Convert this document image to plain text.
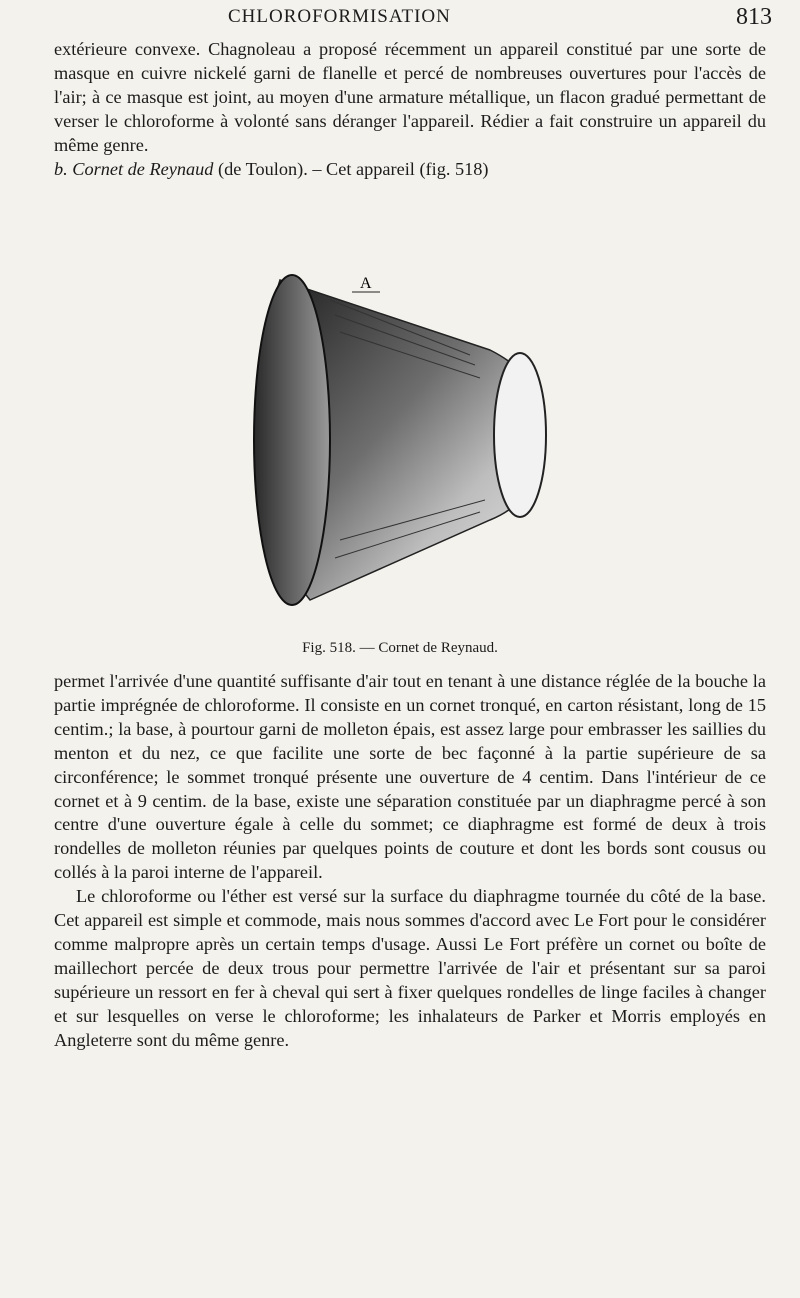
CHLOROFORMISATION	813

extérieure convexe. Chagnoleau a proposé récemment un appareil constitué par une sorte de masque en cuivre nickelé garni de flanelle et percé de nombreuses ouvertures pour l'accès de l'air; à ce masque est joint, au moyen d'une armature métallique, un flacon gradué permettant de verser le chloroforme à volonté sans déranger l'appareil. Rédier a fait construire un appareil du même genre.

b. Cornet de Reynaud (de Toulon). – Cet appareil (fig. 518)

A
Fig. 518. — Cornet de Reynaud.

permet l'arrivée d'une quantité suffisante d'air tout en tenant à une distance réglée de la bouche la partie imprégnée de chloroforme. Il consiste en un cornet tronqué, en carton résistant, long de 15 centim.; la base, à pourtour garni de molleton épais, est assez large pour embrasser les saillies du menton et du nez, ce que facilite une sorte de bec façonné à la partie supérieure de sa circonférence; le sommet tronqué présente une ouverture de 4 centim. Dans l'intérieur de ce cornet et à 9 centim. de la base, existe une séparation constituée par un diaphragme percé à son centre d'une ouverture égale à celle du sommet; ce diaphragme est formé de deux à trois rondelles de molleton réunies par quelques points de couture et dont les bords sont cousus ou collés à la paroi interne de l'appareil.

Le chloroforme ou l'éther est versé sur la surface du diaphragme tournée du côté de la base. Cet appareil est simple et commode, mais nous sommes d'accord avec Le Fort pour le considérer comme malpropre après un certain temps d'usage. Aussi Le Fort préfère un cornet ou boîte de maillechort percée de deux trous pour permettre l'arrivée de l'air et présentant sur sa paroi supérieure un ressort en fer à cheval qui sert à fixer quelques rondelles de linge faciles à changer et sur lesquelles on verse le chloroforme; les inhalateurs de Parker et Morris employés en Angleterre sont du même genre.
